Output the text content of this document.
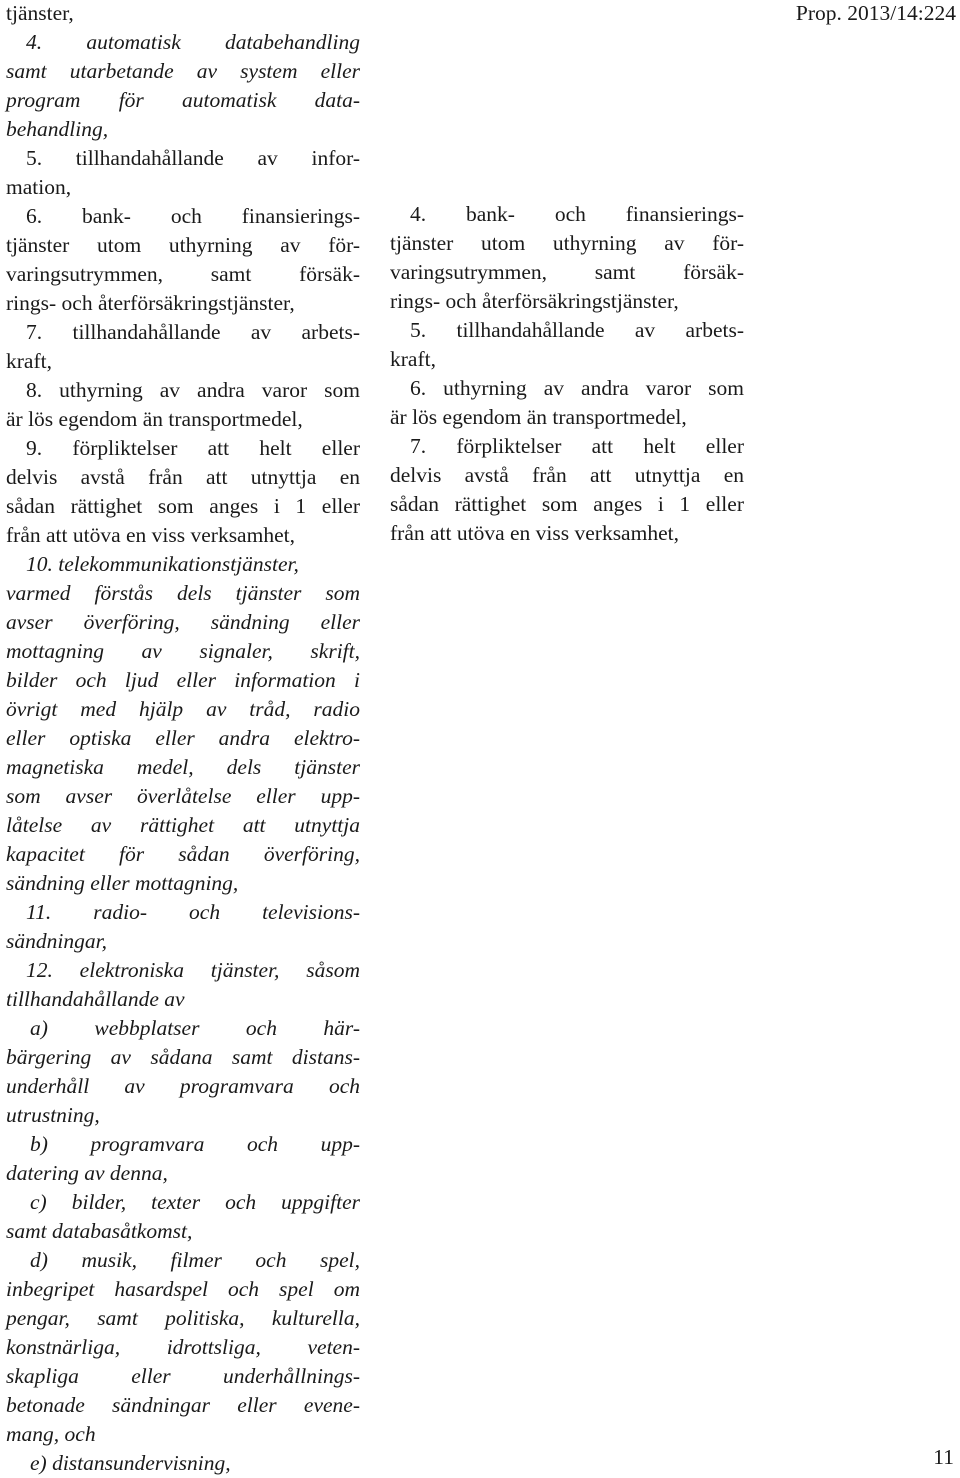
Prop. 2013/14:224
tjänster,
4. automatisk databehandling
samt utarbetande av system eller
program för automatisk data-
behandling,
5. tillhandahållande av infor-
mation,
6. bank- och finansierings-
tjänster utom uthyrning av för-
varingsutrymmen, samt försäk-
rings- och återförsäkringstjänster,
7. tillhandahållande av arbets-
kraft,
8. uthyrning av andra varor som
är lös egendom än transportmedel,
9. förpliktelser att helt eller
delvis avstå från att utnyttja en
sådan rättighet som anges i 1 eller
från att utöva en viss verksamhet,
10. telekommunikationstjänster,
varmed förstås dels tjänster som
avser överföring, sändning eller
mottagning av signaler, skrift,
bilder och ljud eller information i
övrigt med hjälp av tråd, radio
eller optiska eller andra elektro-
magnetiska medel, dels tjänster
som avser överlåtelse eller upp-
låtelse av rättighet att utnyttja
kapacitet för sådan överföring,
sändning eller mottagning,
11. radio- och televisions-
sändningar,
12. elektroniska tjänster, såsom
tillhandahållande av
a) webbplatser och här-
bärgering av sådana samt distans-
underhåll av programvara och
utrustning,
b) programvara och upp-
datering av denna,
c) bilder, texter och uppgifter
samt databasåtkomst,
d) musik, filmer och spel,
inbegripet hasardspel och spel om
pengar, samt politiska, kulturella,
konstnärliga, idrottsliga, veten-
skapliga eller underhållnings-
betonade sändningar eller evene-
mang, och
e) distansundervisning,
4. bank- och finansierings-
tjänster utom uthyrning av för-
varingsutrymmen, samt försäk-
rings- och återförsäkringstjänster,
5. tillhandahållande av arbets-
kraft,
6. uthyrning av andra varor som
är lös egendom än transportmedel,
7. förpliktelser att helt eller
delvis avstå från att utnyttja en
sådan rättighet som anges i 1 eller
från att utöva en viss verksamhet,
11
